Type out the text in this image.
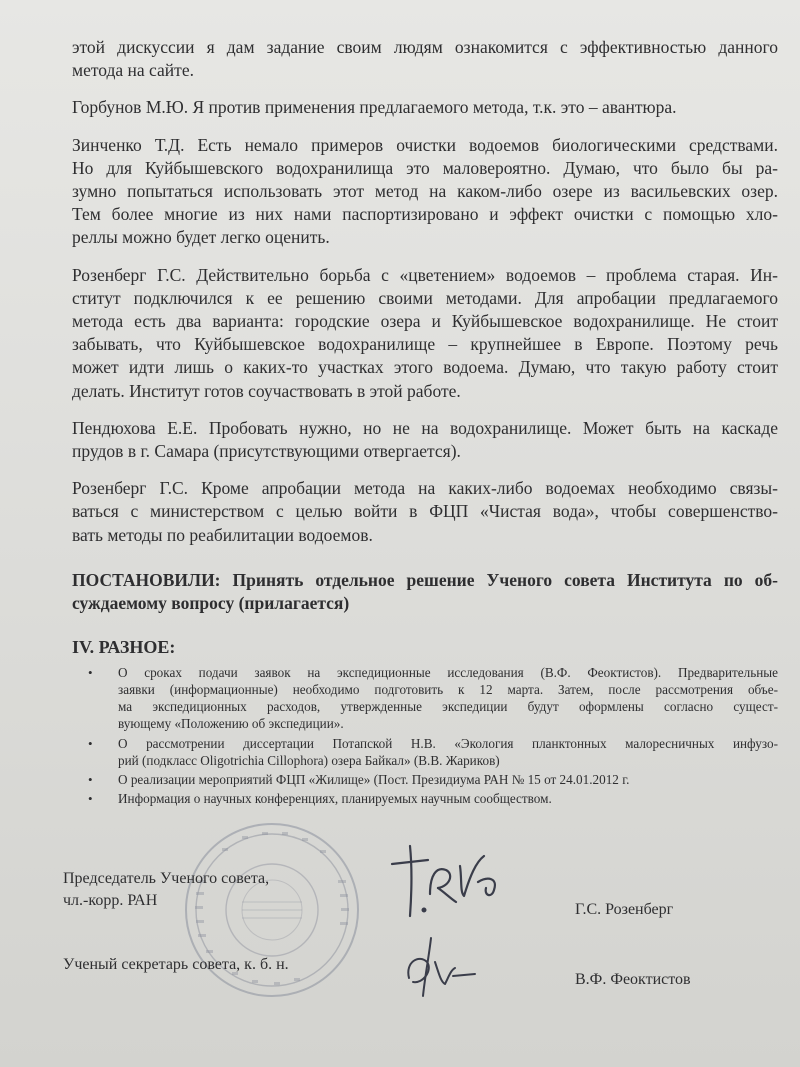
этой дискуссии я дам задание своим людям ознакомится с эффективностью данного
метода на сайте.
Горбунов М.Ю. Я против применения предлагаемого метода, т.к. это – авантюра.
Зинченко Т.Д. Есть немало примеров очистки водоемов биологическими средствами.
Но для Куйбышевского водохранилища это маловероятно. Думаю, что было бы ра-
зумно попытаться использовать этот метод на каком-либо озере из васильевских озер.
Тем более многие из них нами паспортизировано и эффект очистки с помощью хло-
реллы можно будет легко оценить.
Розенберг Г.С. Действительно борьба с «цветением» водоемов – проблема старая. Ин-
ститут подключился к ее решению своими методами. Для апробации предлагаемого
метода есть два варианта: городские озера и Куйбышевское водохранилище. Не стоит
забывать, что Куйбышевское водохранилище – крупнейшее в Европе. Поэтому речь
может идти лишь о каких-то участках этого водоема. Думаю, что такую работу стоит
делать. Институт готов соучаствовать в этой работе.
Пендюхова Е.Е. Пробовать нужно, но не на водохранилище. Может быть на каскаде
прудов в г. Самара (присутствующими отвергается).
Розенберг Г.С. Кроме апробации метода на каких-либо водоемах необходимо связы-
ваться с министерством с целью войти в ФЦП «Чистая вода», чтобы совершенство-
вать методы по реабилитации водоемов.
ПОСТАНОВИЛИ: Принять отдельное решение Ученого совета Института по об-
суждаемому вопросу (прилагается)
IV. РАЗНОЕ:
• О сроках подачи заявок на экспедиционные исследования (В.Ф. Феоктистов). Предварительные
заявки (информационные) необходимо подготовить к 12 марта. Затем, после рассмотрения объе-
ма экспедиционных расходов, утвержденные экспедиции будут оформлены согласно сущест-
вующему «Положению об экспедиции».
• О рассмотрении диссертации Потапской Н.В. «Экология планктонных малоресничных инфузо-
рий (подкласс Oligotrichia Cillophora) озера Байкал» (В.В. Жариков)
• О реализации мероприятий ФЦП «Жилище» (Пост. Президиума РАН № 15 от 24.01.2012 г.
• Информация о научных конференциях, планируемых научным сообществом.
Председатель Ученого совета,
чл.-корр. РАН
Г.С. Розенберг
Ученый секретарь совета, к. б. н.
В.Ф. Феоктистов
